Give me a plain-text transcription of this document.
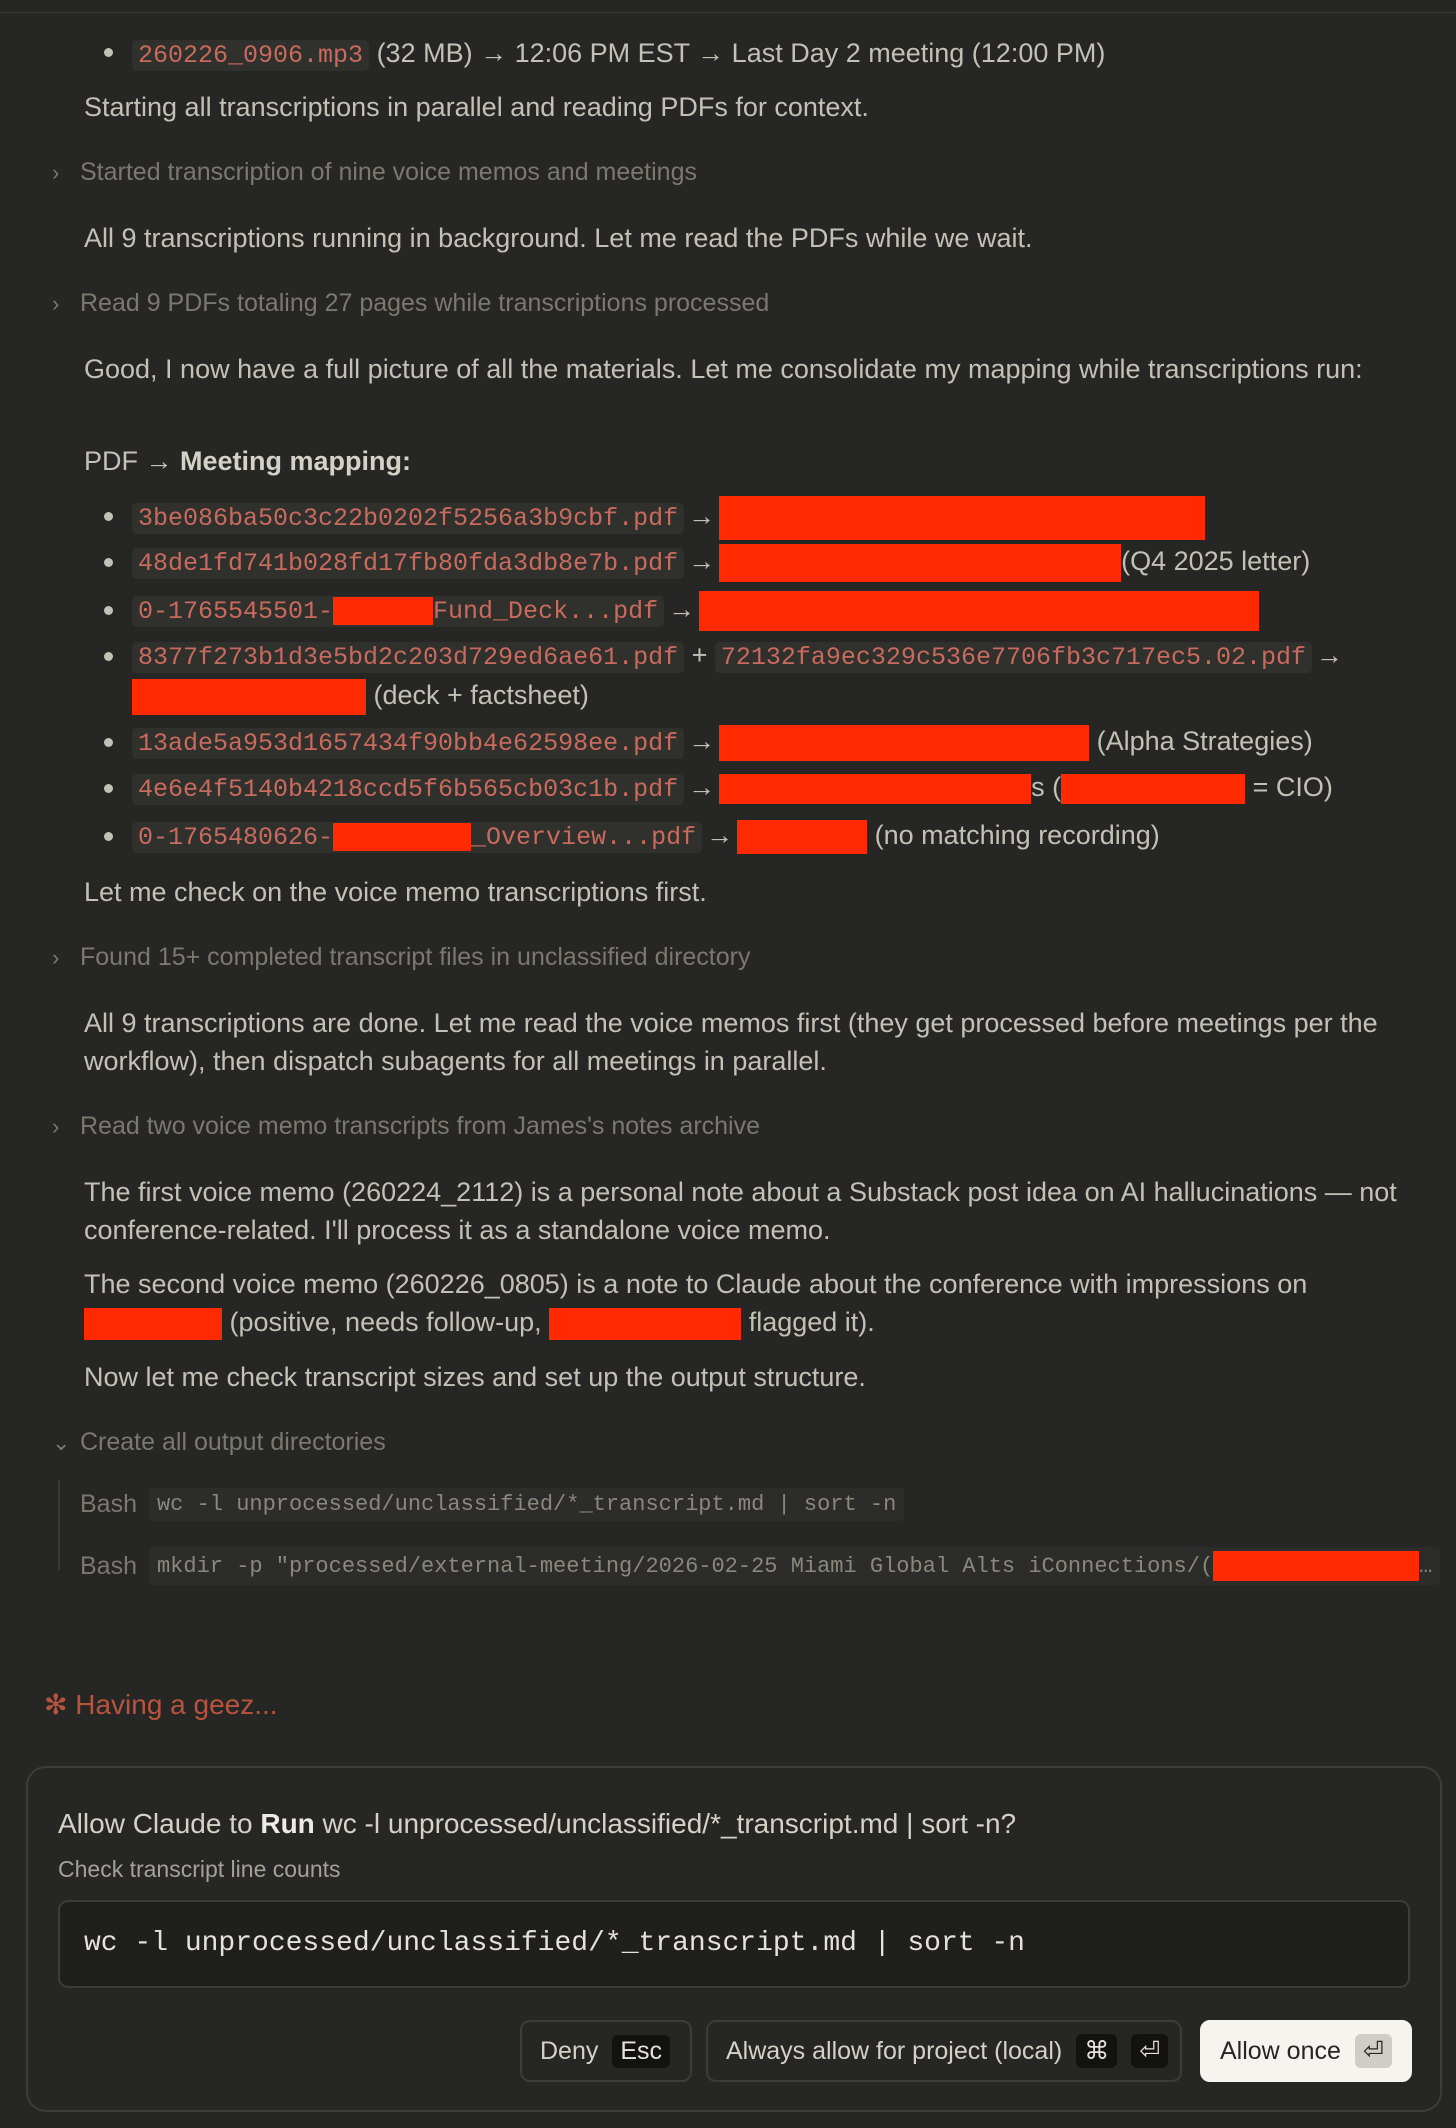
260226_0906.mp3 (32 MB) → 12:06 PM EST → Last Day 2 meeting (12:00 PM)
Starting all transcriptions in parallel and reading PDFs for context.
› Started transcription of nine voice memos and meetings
All 9 transcriptions running in background. Let me read the PDFs while we wait.
› Read 9 PDFs totaling 27 pages while transcriptions processed
Good, I now have a full picture of all the materials. Let me consolidate my mapping while transcriptions run:
PDF → Meeting mapping:
3be086ba50c3c22b0202f5256a3b9cbf.pdf →
48de1fd741b028fd17fb80fda3db8e7b.pdf →	(Q4 2025 letter)
0-1765545501-	Fund_Deck...pdf →
8377f273b1d3e5bd2c203d729ed6ae61.pdf + 72132fa9ec329c536e7706fb3c717ec5.02.pdf →
(deck + factsheet)
13ade5a953d1657434f90bb4e62598ee.pdf →	(Alpha Strategies)
4e6e4f5140b4218ccd5f6b565cb03c1b.pdf →	s (	= CIO)
0-1765480626-	_Overview...pdf →	(no matching recording)
Let me check on the voice memo transcriptions first.
› Found 15+ completed transcript files in unclassified directory
All 9 transcriptions are done. Let me read the voice memos first (they get processed before meetings per the workflow), then dispatch subagents for all meetings in parallel.
› Read two voice memo transcripts from James's notes archive
The first voice memo (260224_2112) is a personal note about a Substack post idea on AI hallucinations — not conference-related. I'll process it as a standalone voice memo.
The second voice memo (260226_0805) is a note to Claude about the conference with impressions on
(positive, needs follow-up,	flagged it).
Now let me check transcript sizes and set up the output structure.
⌄ Create all output directories
Bash wc -l unprocessed/unclassified/*_transcript.md | sort -n
Bash mkdir -p "processed/external-meeting/2026-02-25 Miami Global Alts iConnections/(	…
✻ Having a geez...
Allow Claude to Run wc -l unprocessed/unclassified/*_transcript.md | sort -n?
Check transcript line counts
wc -l unprocessed/unclassified/*_transcript.md | sort -n
Deny Esc	Always allow for project (local) ⌘	⏎	Allow once ⏎
